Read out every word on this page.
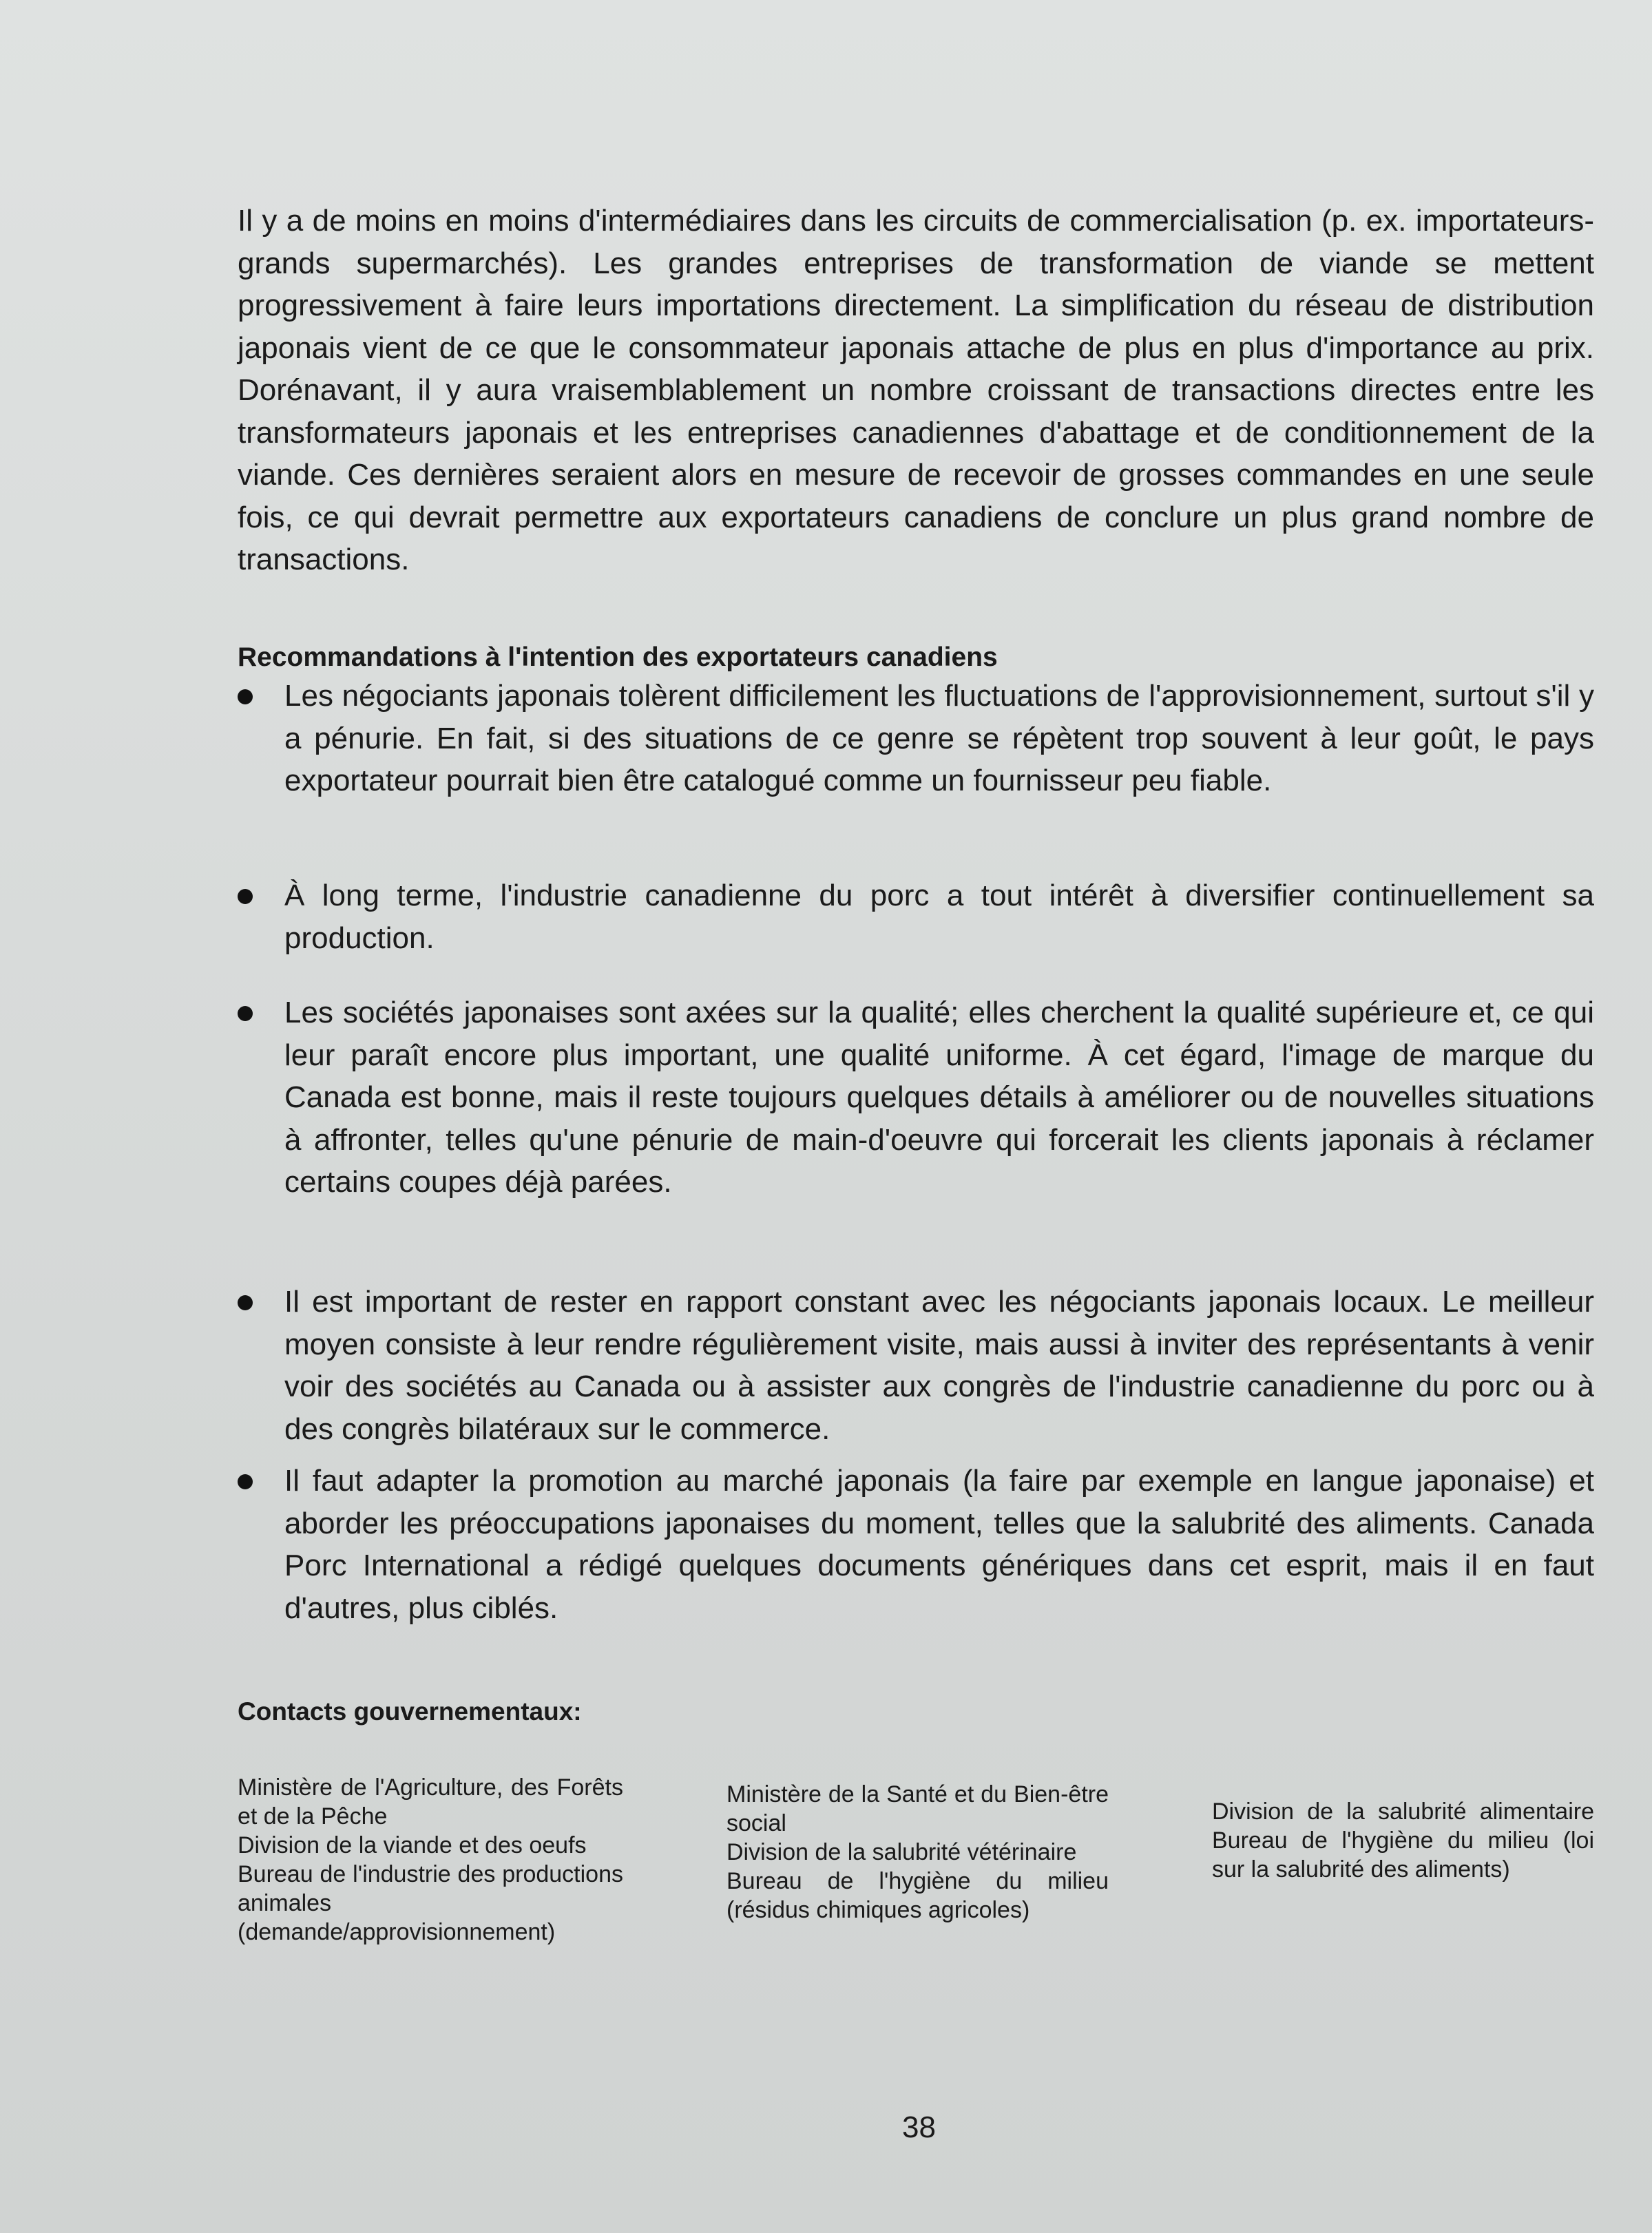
Il y a de moins en moins d'intermédiaires dans les circuits de commercialisation (p. ex. importateurs-grands supermarchés). Les grandes entreprises de transformation de viande se mettent progressivement à faire leurs importations directement. La simplification du réseau de distribution japonais vient de ce que le consommateur japonais attache de plus en plus d'importance au prix. Dorénavant, il y aura vraisemblablement un nombre croissant de transactions directes entre les transformateurs japonais et les entreprises canadiennes d'abattage et de conditionnement de la viande. Ces dernières seraient alors en mesure de recevoir de grosses commandes en une seule fois, ce qui devrait permettre aux exportateurs canadiens de conclure un plus grand nombre de transactions.

Recommandations à l'intention des exportateurs canadiens

Les négociants japonais tolèrent difficilement les fluctuations de l'approvisionnement, surtout s'il y a pénurie. En fait, si des situations de ce genre se répètent trop souvent à leur goût, le pays exportateur pourrait bien être catalogué comme un fournisseur peu fiable.
À long terme, l'industrie canadienne du porc a tout intérêt à diversifier continuellement sa production.
Les sociétés japonaises sont axées sur la qualité; elles cherchent la qualité supérieure et, ce qui leur paraît encore plus important, une qualité uniforme. À cet égard, l'image de marque du Canada est bonne, mais il reste toujours quelques détails à améliorer ou de nouvelles situations à affronter, telles qu'une pénurie de main-d'oeuvre qui forcerait les clients japonais à réclamer certains coupes déjà parées.
Il est important de rester en rapport constant avec les négociants japonais locaux. Le meilleur moyen consiste à leur rendre régulièrement visite, mais aussi à inviter des représentants à venir voir des sociétés au Canada ou à assister aux congrès de l'industrie canadienne du porc ou à des congrès bilatéraux sur le commerce.
Il faut adapter la promotion au marché japonais (la faire par exemple en langue japonaise) et aborder les préoccupations japonaises du moment, telles que la salubrité des aliments. Canada Porc International a rédigé quelques documents génériques dans cet esprit, mais il en faut d'autres, plus ciblés.

Contacts gouvernementaux:

Ministère de l'Agriculture, des Forêts et de la Pêche
Division de la viande et des oeufs
Bureau de l'industrie des productions animales (demande/approvisionnement)
Ministère de la Santé et du Bien-être social
Division de la salubrité vétérinaire
Bureau de l'hygiène du milieu (résidus chimiques agricoles)
Division de la salubrité alimentaire Bureau de l'hygiène du milieu (loi sur la salubrité des aliments)
38
